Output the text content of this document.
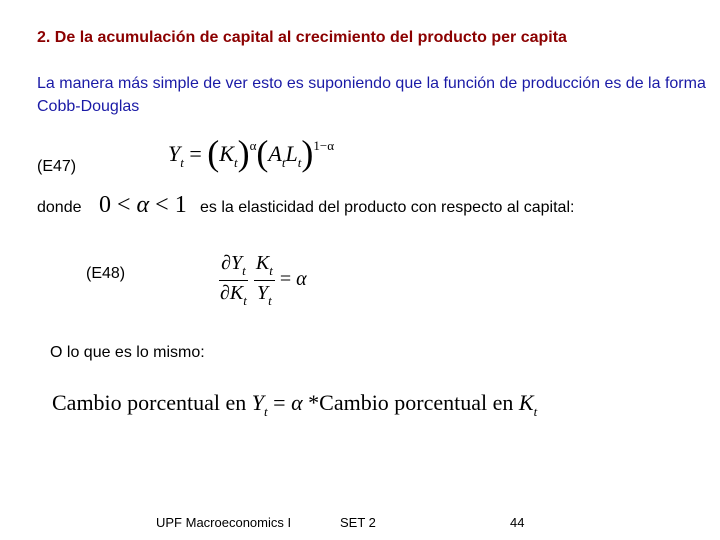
2. De la acumulación de capital al crecimiento del producto per capita
La manera más simple de ver esto es suponiendo que la función de producción es de la forma Cobb-Douglas
(E47)
$Y_t = (K_t)^\alpha(A_tL_t)^{1-\alpha}$
donde 0 < α < 1 es la elasticidad del producto con respecto al capital:
(E48)	$\frac{\partial Y_t}{\partial K_t}$
$\frac{K_t}{Y_t} = \alpha$
O lo que es lo mismo:
Cambio porcentual en $Y_t = \alpha$ *Cambio porcentual en $K_t$
UPF Macroeconomics I	SET 2	44
